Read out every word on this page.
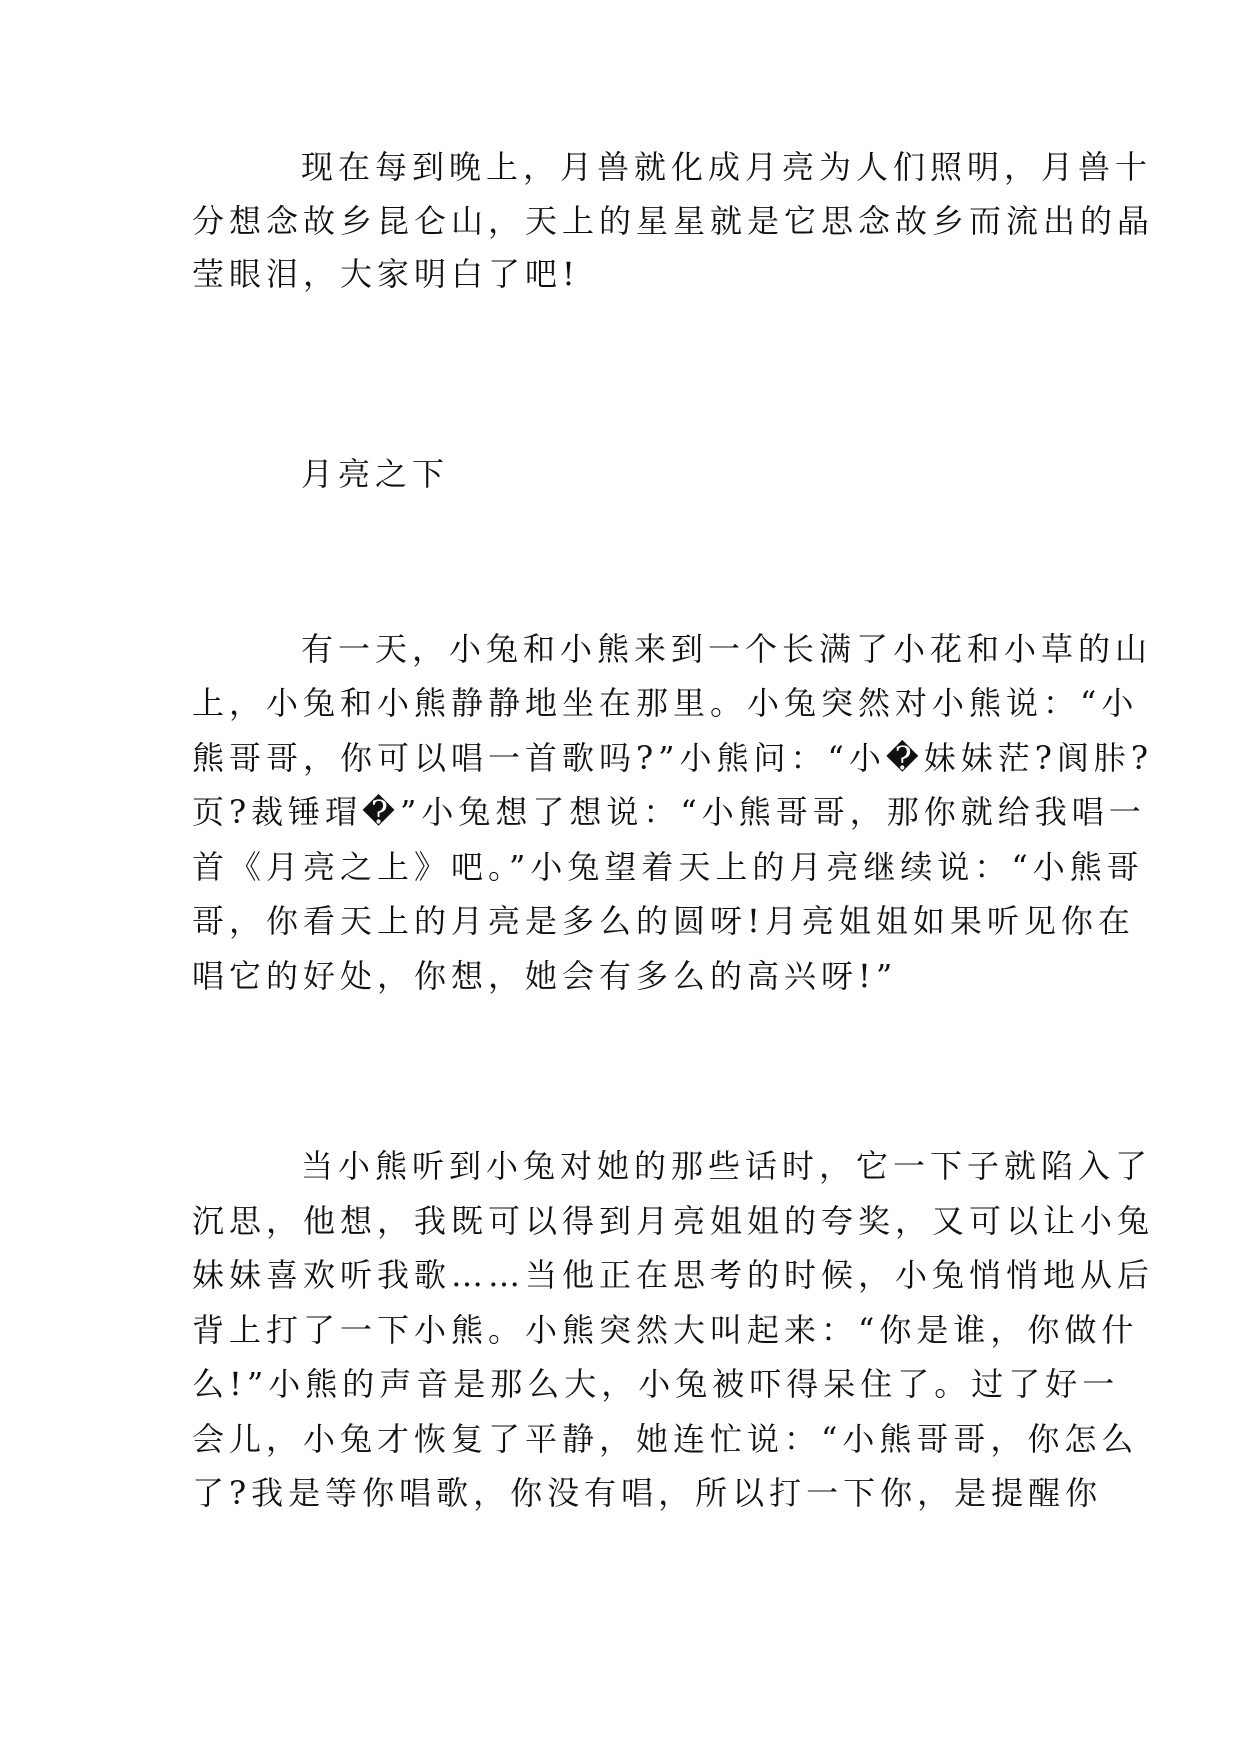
现在每到晚上，月兽就化成月亮为人们照明，月兽十
分想念故乡昆仑山，天上的星星就是它思念故乡而流出的晶
莹眼泪，大家明白了吧!
月亮之下
有一天，小兔和小熊来到一个长满了小花和小草的山
上，小兔和小熊静静地坐在那里。小兔突然对小熊说：“小
熊哥哥，你可以唱一首歌吗?”小熊问：“小�妹妹茫?阆胩?
页?裁锤瑁�”小兔想了想说：“小熊哥哥，那你就给我唱一
首《月亮之上》吧。”小兔望着天上的月亮继续说：“小熊哥
哥，你看天上的月亮是多么的圆呀!月亮姐姐如果听见你在
唱它的好处，你想，她会有多么的高兴呀!”
当小熊听到小兔对她的那些话时，它一下子就陷入了
沉思，他想，我既可以得到月亮姐姐的夸奖，又可以让小兔
妹妹喜欢听我歌……当他正在思考的时候，小兔悄悄地从后
背上打了一下小熊。小熊突然大叫起来：“你是谁，你做什
么!”小熊的声音是那么大，小兔被吓得呆住了。过了好一
会儿，小兔才恢复了平静，她连忙说：“小熊哥哥，你怎么
了?我是等你唱歌，你没有唱，所以打一下你，是提醒你
